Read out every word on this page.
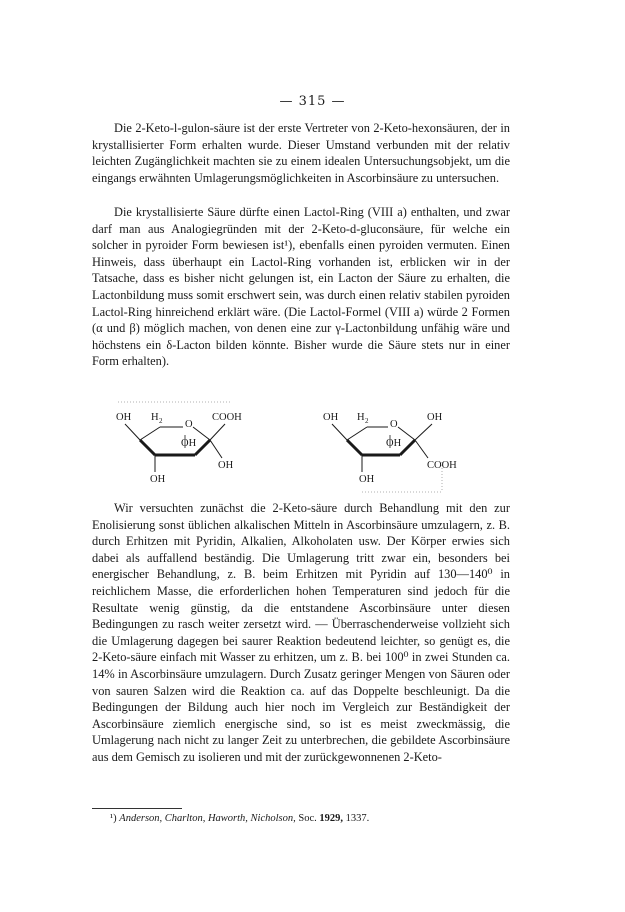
— 315 —

Die 2-Keto-l-gulon-säure ist der erste Vertreter von 2-Keto-hexonsäuren, der in krystallisierter Form erhalten wurde. Dieser Umstand verbunden mit der relativ leichten Zugänglichkeit machten sie zu einem idealen Untersuchungsobjekt, um die eingangs erwähnten Umlagerungsmöglichkeiten in Ascorbinsäure zu untersuchen.

Die krystallisierte Säure dürfte einen Lactol-Ring (VIII a) enthalten, und zwar darf man aus Analogiegründen mit der 2-Keto-d-gluconsäure, für welche ein solcher in pyroider Form bewiesen ist¹), ebenfalls einen pyroiden vermuten. Einen Hinweis, dass überhaupt ein Lactol-Ring vorhanden ist, erblicken wir in der Tatsache, dass es bisher nicht gelungen ist, ein Lacton der Säure zu erhalten, die Lactonbildung muss somit erschwert sein, was durch einen relativ stabilen pyroiden Lactol-Ring hinreichend erklärt wäre. (Die Lactol-Formel (VIII a) würde 2 Formen (α und β) möglich machen, von denen eine zur γ-Lactonbildung unfähig wäre und höchstens ein δ-Lacton bilden könnte. Bisher wurde die Säure stets nur in einer Form erhalten).

OH H 2 O
COOH
OH
OH
OH
OH H 2 O
OH
OH
COOH
OH

Wir versuchten zunächst die 2-Keto-säure durch Behandlung mit den zur Enolisierung sonst üblichen alkalischen Mitteln in Ascorbinsäure umzulagern, z. B. durch Erhitzen mit Pyridin, Alkalien, Alkoholaten usw. Der Körper erwies sich dabei als auffallend beständig. Die Umlagerung tritt zwar ein, besonders bei energischer Behandlung, z. B. beim Erhitzen mit Pyridin auf 130—140⁰ in reichlichem Masse, die erforderlichen hohen Temperaturen sind jedoch für die Resultate wenig günstig, da die entstandene Ascorbinsäure unter diesen Bedingungen zu rasch weiter zersetzt wird. — Überraschenderweise vollzieht sich die Umlagerung dagegen bei saurer Reaktion bedeutend leichter, so genügt es, die 2-Keto-säure einfach mit Wasser zu erhitzen, um z. B. bei 100⁰ in zwei Stunden ca. 14% in Ascorbinsäure umzulagern. Durch Zusatz geringer Mengen von Säuren oder von sauren Salzen wird die Reaktion ca. auf das Doppelte beschleunigt. Da die Bedingungen der Bildung auch hier noch im Vergleich zur Beständigkeit der Ascorbinsäure ziemlich energische sind, so ist es meist zweckmässig, die Umlagerung nach nicht zu langer Zeit zu unterbrechen, die gebildete Ascorbinsäure aus dem Gemisch zu isolieren und mit der zurückgewonnenen 2-Keto-

¹) Anderson, Charlton, Haworth, Nicholson, Soc. 1929, 1337.
